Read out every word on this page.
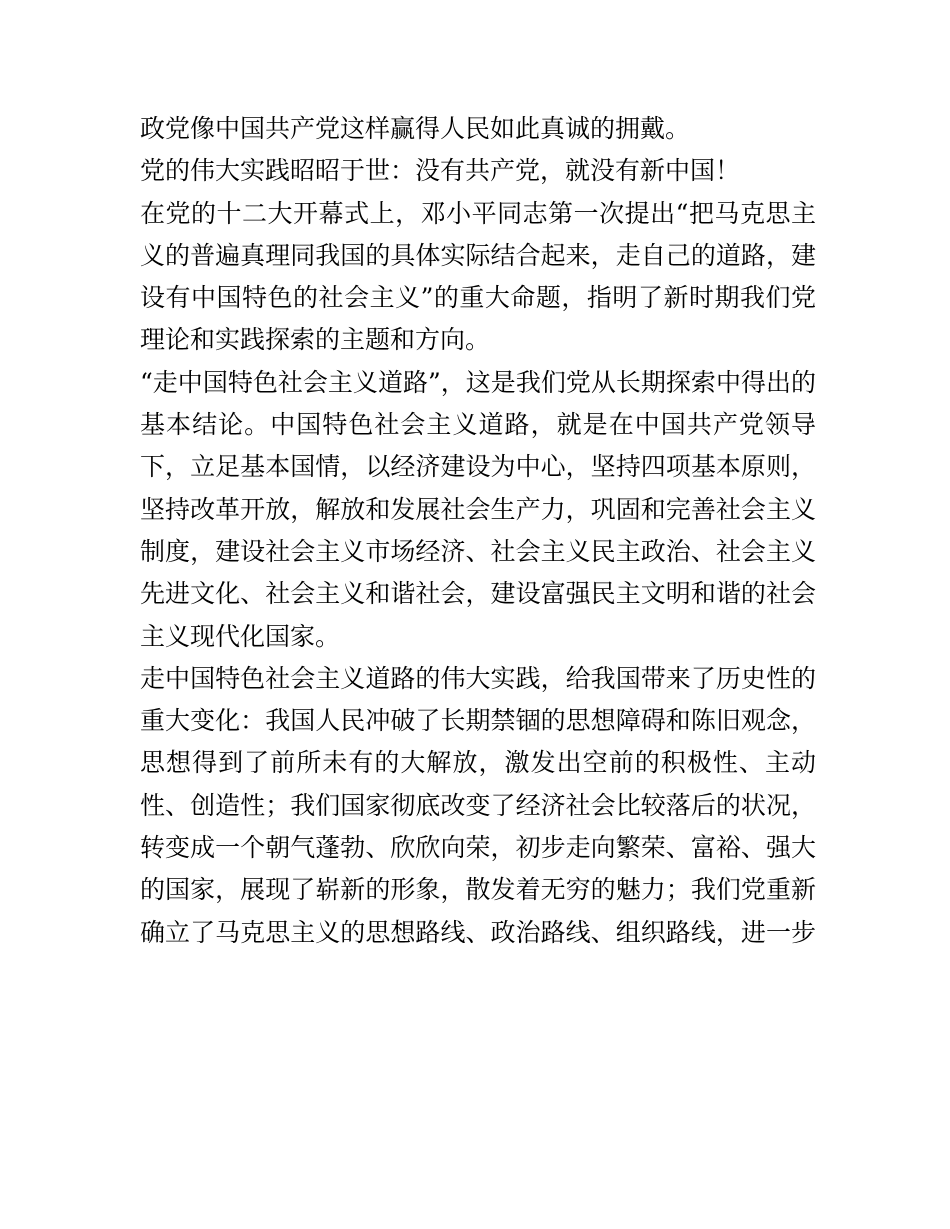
政党像中国共产党这样赢得人民如此真诚的拥戴。
党的伟大实践昭昭于世：没有共产党，就没有新中国！
在党的十二大开幕式上，邓小平同志第一次提出“把马克思主
义的普遍真理同我国的具体实际结合起来，走自己的道路，建
设有中国特色的社会主义”的重大命题，指明了新时期我们党
理论和实践探索的主题和方向。
“走中国特色社会主义道路”，这是我们党从长期探索中得出的
基本结论。中国特色社会主义道路，就是在中国共产党领导
下，立足基本国情，以经济建设为中心，坚持四项基本原则，
坚持改革开放，解放和发展社会生产力，巩固和完善社会主义
制度，建设社会主义市场经济、社会主义民主政治、社会主义
先进文化、社会主义和谐社会，建设富强民主文明和谐的社会
主义现代化国家。
走中国特色社会主义道路的伟大实践，给我国带来了历史性的
重大变化：我国人民冲破了长期禁锢的思想障碍和陈旧观念，
思想得到了前所未有的大解放，激发出空前的积极性、主动
性、创造性；我们国家彻底改变了经济社会比较落后的状况，
转变成一个朝气蓬勃、欣欣向荣，初步走向繁荣、富裕、强大
的国家，展现了崭新的形象，散发着无穷的魅力；我们党重新
确立了马克思主义的思想路线、政治路线、组织路线，进一步
